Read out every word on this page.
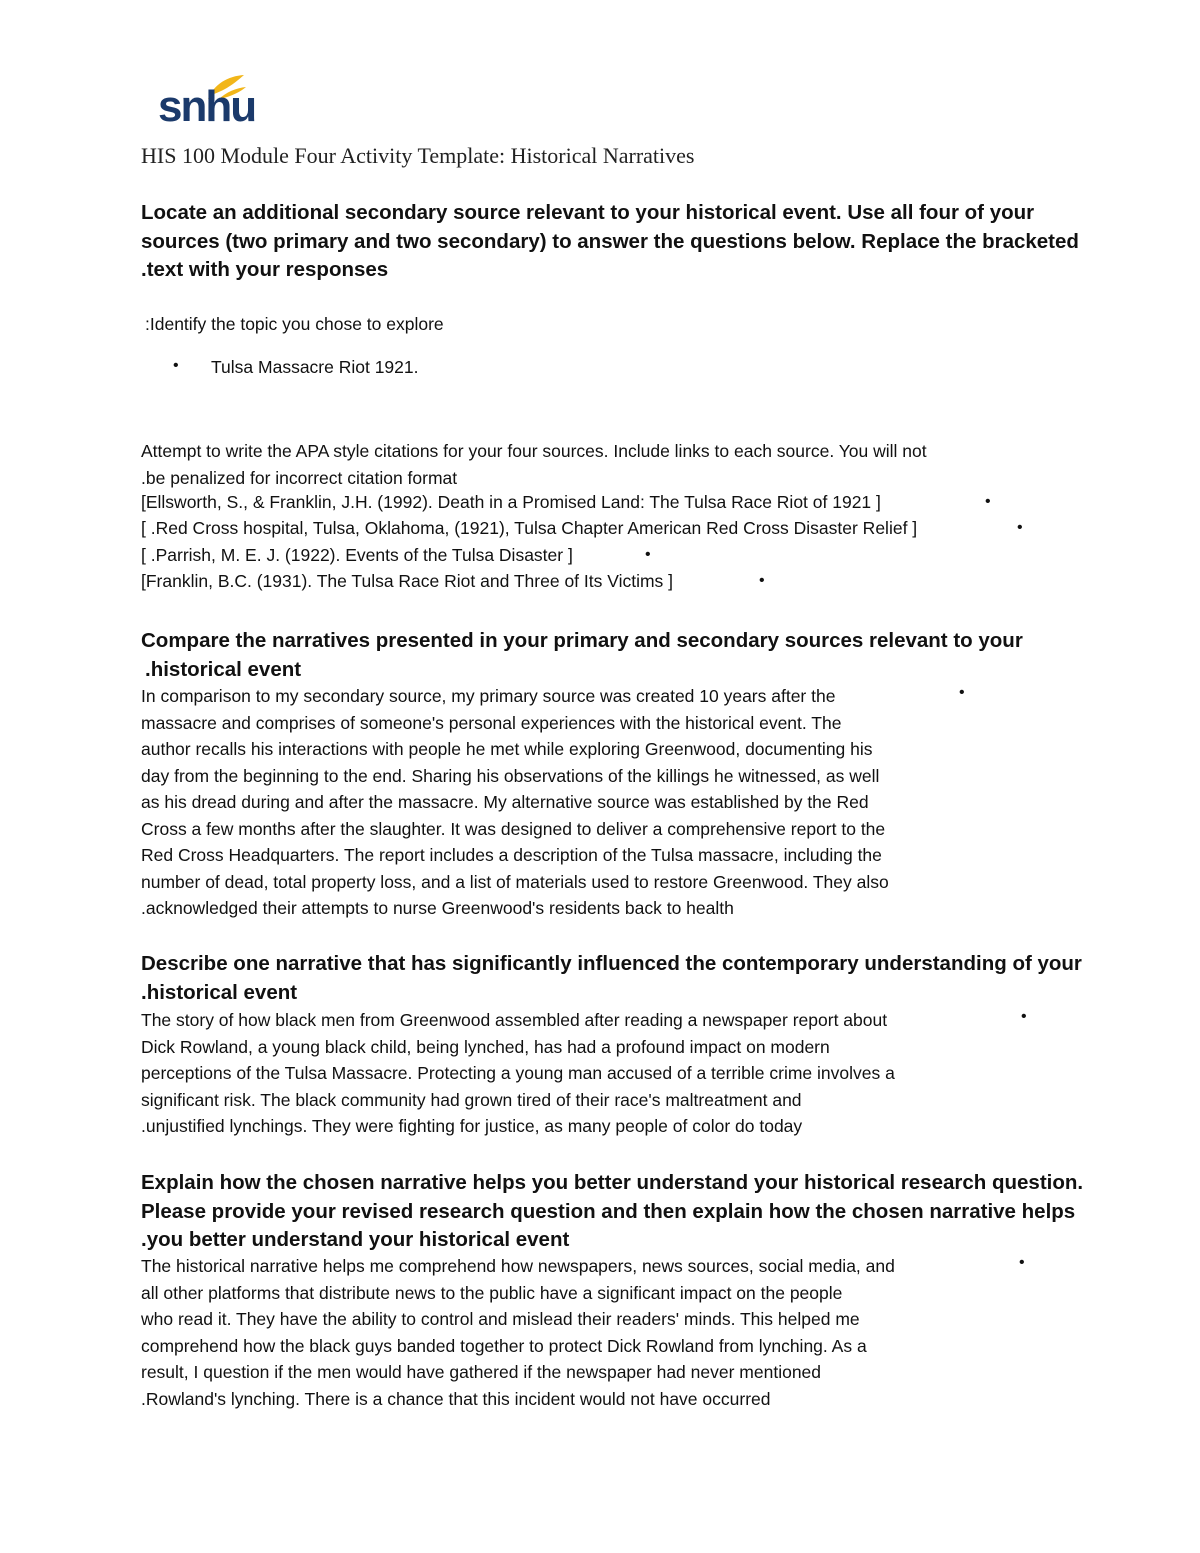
snhu
HIS 100 Module Four Activity Template: Historical Narratives
Locate an additional secondary source relevant to your historical event. Use all four of your
sources (two primary and two secondary) to answer the questions below. Replace the bracketed
.text with your responses
:Identify the topic you chose to explore
• Tulsa Massacre Riot 1921.
Attempt to write the APA style citations for your four sources. Include links to each source. You will not
.be penalized for incorrect citation format
[Ellsworth, S., & Franklin, J.H. (1992). Death in a Promised Land: The Tulsa Race Riot of 1921 ]	•
[ .Red Cross hospital, Tulsa, Oklahoma, (1921), Tulsa Chapter American Red Cross Disaster Relief ]	•
[ .Parrish, M. E. J. (1922). Events of the Tulsa Disaster ]	•
[Franklin, B.C. (1931). The Tulsa Race Riot and Three of Its Victims ]	•
Compare the narratives presented in your primary and secondary sources relevant to your
.historical event
In comparison to my secondary source, my primary source was created 10 years after the
massacre and comprises of someone's personal experiences with the historical event. The
author recalls his interactions with people he met while exploring Greenwood, documenting his
day from the beginning to the end. Sharing his observations of the killings he witnessed, as well
as his dread during and after the massacre. My alternative source was established by the Red
Cross a few months after the slaughter. It was designed to deliver a comprehensive report to the
Red Cross Headquarters. The report includes a description of the Tulsa massacre, including the
number of dead, total property loss, and a list of materials used to restore Greenwood. They also
.acknowledged their attempts to nurse Greenwood's residents back to health
•
Describe one narrative that has significantly influenced the contemporary understanding of your
.historical event
The story of how black men from Greenwood assembled after reading a newspaper report about
Dick Rowland, a young black child, being lynched, has had a profound impact on modern
perceptions of the Tulsa Massacre. Protecting a young man accused of a terrible crime involves a
significant risk. The black community had grown tired of their race's maltreatment and
.unjustified lynchings. They were fighting for justice, as many people of color do today
•
Explain how the chosen narrative helps you better understand your historical research question.
Please provide your revised research question and then explain how the chosen narrative helps
.you better understand your historical event
The historical narrative helps me comprehend how newspapers, news sources, social media, and
all other platforms that distribute news to the public have a significant impact on the people
who read it. They have the ability to control and mislead their readers' minds. This helped me
comprehend how the black guys banded together to protect Dick Rowland from lynching. As a
result, I question if the men would have gathered if the newspaper had never mentioned
.Rowland's lynching. There is a chance that this incident would not have occurred
•
